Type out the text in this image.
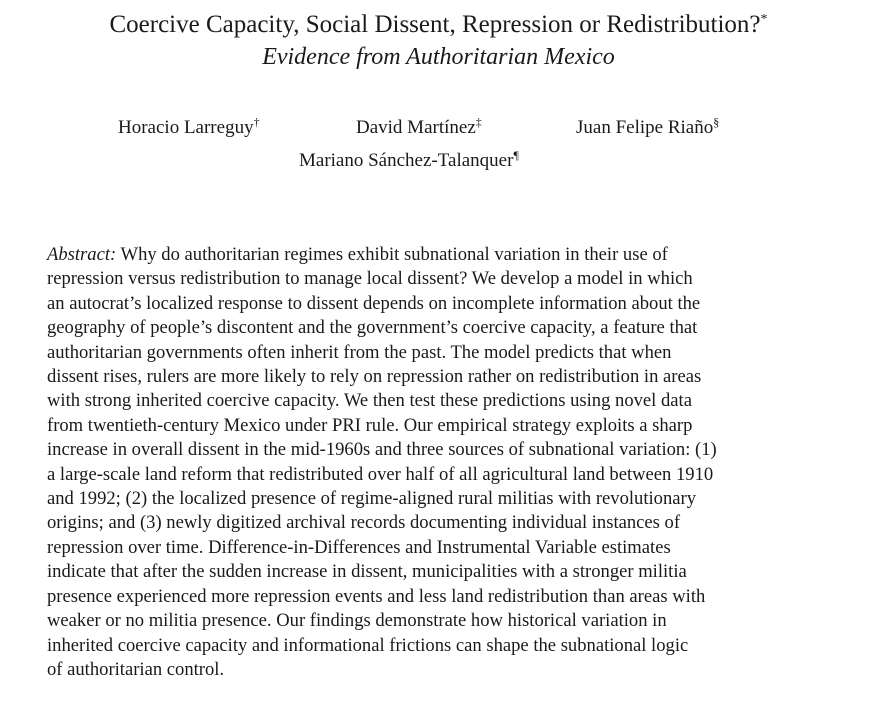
Coercive Capacity, Social Dissent, Repression or Redistribution?*
Evidence from Authoritarian Mexico
Horacio Larreguy†	David Martínez‡	Juan Felipe Riaño§
Mariano Sánchez-Talanquer¶
Abstract: Why do authoritarian regimes exhibit subnational variation in their use of
repression versus redistribution to manage local dissent? We develop a model in which
an autocrat’s localized response to dissent depends on incomplete information about the
geography of people’s discontent and the government’s coercive capacity, a feature that
authoritarian governments often inherit from the past. The model predicts that when
dissent rises, rulers are more likely to rely on repression rather on redistribution in areas
with strong inherited coercive capacity. We then test these predictions using novel data
from twentieth-century Mexico under PRI rule. Our empirical strategy exploits a sharp
increase in overall dissent in the mid-1960s and three sources of subnational variation: (1)
a large-scale land reform that redistributed over half of all agricultural land between 1910
and 1992; (2) the localized presence of regime-aligned rural militias with revolutionary
origins; and (3) newly digitized archival records documenting individual instances of
repression over time. Difference-in-Differences and Instrumental Variable estimates
indicate that after the sudden increase in dissent, municipalities with a stronger militia
presence experienced more repression events and less land redistribution than areas with
weaker or no militia presence. Our findings demonstrate how historical variation in
inherited coercive capacity and informational frictions can shape the subnational logic
of authoritarian control.
